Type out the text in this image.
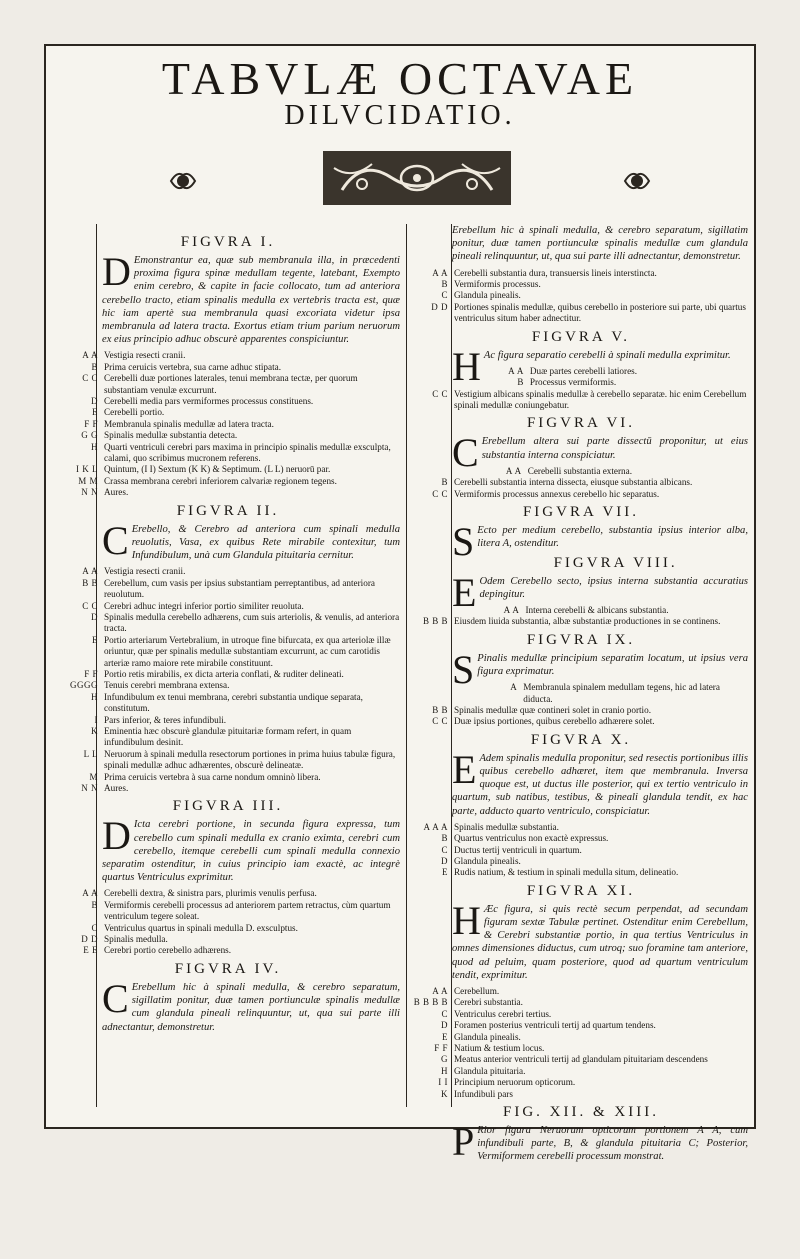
TABVLÆ OCTAVAE
DILVCIDATIO.
FIGVRA I.
D Emonstrantur ea, quæ sub membranula illa, in præcedenti proxima figura spinæ medullam tegente, latebant, Exempto enim cerebro, & capite in facie collocato, tum ad anteriora cerebello tracto, etiam spinalis medulla ex vertebris tracta est, quæ hic iam apertè sua membranula quasi excoriata videtur ipsa membranula ad latera tracta. Exortus etiam trium parium neruorum ex eius principio adhuc obscurè apparentes conspiciuntur.
A A Vestigia resecti cranii.
B Prima ceruicis vertebra, sua carne adhuc stipata.
C C Cerebelli duæ portiones laterales, tenui membrana tectæ, per quorum substantiam venulæ excurrunt.
D Cerebelli media pars vermiformes processus constituens.
E Cerebelli portio.
F F Membranula spinalis medullæ ad latera tracta.
G G Spinalis medullæ substantia detecta.
H Quarti ventriculi cerebri pars maxima in principio spinalis medullæ exsculpta, calami, quo scribimus mucronem referens.
I K L Quintum, (I I) Sextum (K K) & Septimum. (L L) neruorū par.
M M Crassa membrana cerebri inferiorem calvariæ regionem tegens.
N N Aures.
FIGVRA II.
C Erebello, & Cerebro ad anteriora cum spinali medulla reuolutis, Vasa, ex quibus Rete mirabile contexitur, tum Infundibulum, unà cum Glandula pituitaria cernitur.
A A Vestigia resecti cranii.
B B Cerebellum, cum vasis per ipsius substantiam perreptantibus, ad anteriora reuolutum.
C C Cerebri adhuc integri inferior portio similiter reuoluta.
D Spinalis medulla cerebello adhærens, cum suis arteriolis, & venulis, ad anteriora tracta.
E Portio arteriarum Vertebralium, in utroque fine bifurcata, ex qua arteriolæ illæ oriuntur, quæ per spinalis medullæ substantiam excurrunt, ac cum carotidis arteriæ ramo maiore rete mirabile constituunt.
F F Portio retis mirabilis, ex dicta arteria conflati, & ruditer delineati.
GGGG Tenuis cerebri membrana extensa.
H Infundibulum ex tenui membrana, cerebri substantia undique separata, constitutum.
I Pars inferior, & teres infundibuli.
K Eminentia hæc obscurè glandulæ pituitariæ formam refert, in quam infundibulum desinit.
L L Neruorum à spinali medulla resectorum portiones in prima huius tabulæ figura, spinali medullæ adhuc adhærentes, obscurè delineatæ.
M Prima ceruicis vertebra à sua carne nondum omninò libera.
N N Aures.
FIGVRA III.
D Icta cerebri portione, in secunda figura expressa, tum cerebello cum spinali medulla ex cranio eximta, cerebri cum cerebello, itemque cerebelli cum spinali medulla connexio separatim ostenditur, in cuius principio iam exactè, ac integrè quartus Ventriculus exprimitur.
A A Cerebelli dextra, & sinistra pars, plurimis venulis perfusa.
B Vermiformis cerebelli processus ad anteriorem partem retractus, cùm quartum ventriculum tegere soleat.
C Ventriculus quartus in spinali medulla D. exsculptus.
D D Spinalis medulla.
E E Cerebri portio cerebello adhærens.
FIGVRA IV.
C Erebellum hic à spinali medulla, & cerebro separatum, sigillatim ponitur, duæ tamen portiunculæ spinalis medullæ cum glandula pineali relinquuntur, ut, qua sui parte illi adnectantur, demonstretur.
Erebellum hic à spinali medulla, & cerebro separatum, sigillatim ponitur, duæ tamen portiunculæ spinalis medullæ cum glandula pineali relinquuntur, ut, qua sui parte illi adnectantur, demonstretur.
A A Cerebelli substantia dura, transuersis lineis interstincta.
B Vermiformis processus.
C Glandula pinealis.
D D Portiones spinalis medullæ, quibus cerebello in posteriore sui parte, ubi quartus ventriculus situm haber adnectitur.
FIGVRA V.
H Ac figura separatio cerebelli à spinali medulla exprimitur.
A A Duæ partes cerebelli latiores.
B Processus vermiformis.
C C Vestigium albicans spinalis medullæ à cerebello separatæ. hic enim Cerebellum spinali medullæ coniungebatur.
FIGVRA VI.
C Erebellum altera sui parte dissectū proponitur, ut eius substantia interna conspiciatur.
A A Cerebelli substantia externa.
B Cerebelli substantia interna dissecta, eiusque substantia albicans.
C C Vermiformis processus annexus cerebello hic separatus.
FIGVRA VII.
S Ecto per medium cerebello, substantia ipsius interior alba, litera A, ostenditur.
FIGVRA VIII.
E Odem Cerebello secto, ipsius interna substantia accuratius depingitur.
A A Interna cerebelli & albicans substantia.
B B B Eiusdem liuida substantia, albæ substantiæ productiones in se continens.
FIGVRA IX.
S Pinalis medullæ principium separatim locatum, ut ipsius vera figura exprimatur.
A Membranula spinalem medullam tegens, hic ad latera diducta.
B B Spinalis medullæ quæ contineri solet in cranio portio.
C C Duæ ipsius portiones, quibus cerebello adhærere solet.
FIGVRA X.
E Adem spinalis medulla proponitur, sed resectis portionibus illis quibus cerebello adhæret, item que membranula. Inversa quoque est, ut ductus ille posterior, qui ex tertio ventriculo in quartum, sub natibus, testibus, & pineali glandula tendit, ex hac parte, adducto quarto ventriculo, conspiciatur.
A A A Spinalis medullæ substantia.
B Quartus ventriculus non exactè expressus.
C Ductus tertij ventriculi in quartum.
D Glandula pinealis.
E Rudis natium, & testium in spinali medulla situm, delineatio.
FIGVRA XI.
H Æc figura, si quis rectè secum perpendat, ad secundam figuram sextæ Tabulæ pertinet. Ostenditur enim Cerebellum, & Cerebri substantiæ portio, in qua tertius Ventriculus in omnes dimensiones diductus, cum utroq; suo foramine tam anteriore, quod ad peluim, quam posteriore, quod ad quartum ventriculum tendit, exprimitur.
A A Cerebellum.
B B B B Cerebri substantia.
C Ventriculus cerebri tertius.
D Foramen posterius ventriculi tertij ad quartum tendens.
E Glandula pinealis.
F F Natium & testium locus.
G Meatus anterior ventriculi tertij ad glandulam pituitariam descendens
H Glandula pituitaria.
I I Principium neruorum opticorum.
K Infundibuli pars
FIG. XII. & XIII.
P Rior figura Neruorum opticorum portionem A A, cum infundibuli parte, B, & glandula pituitaria C; Posterior, Vermiformem cerebelli processum monstrat.
